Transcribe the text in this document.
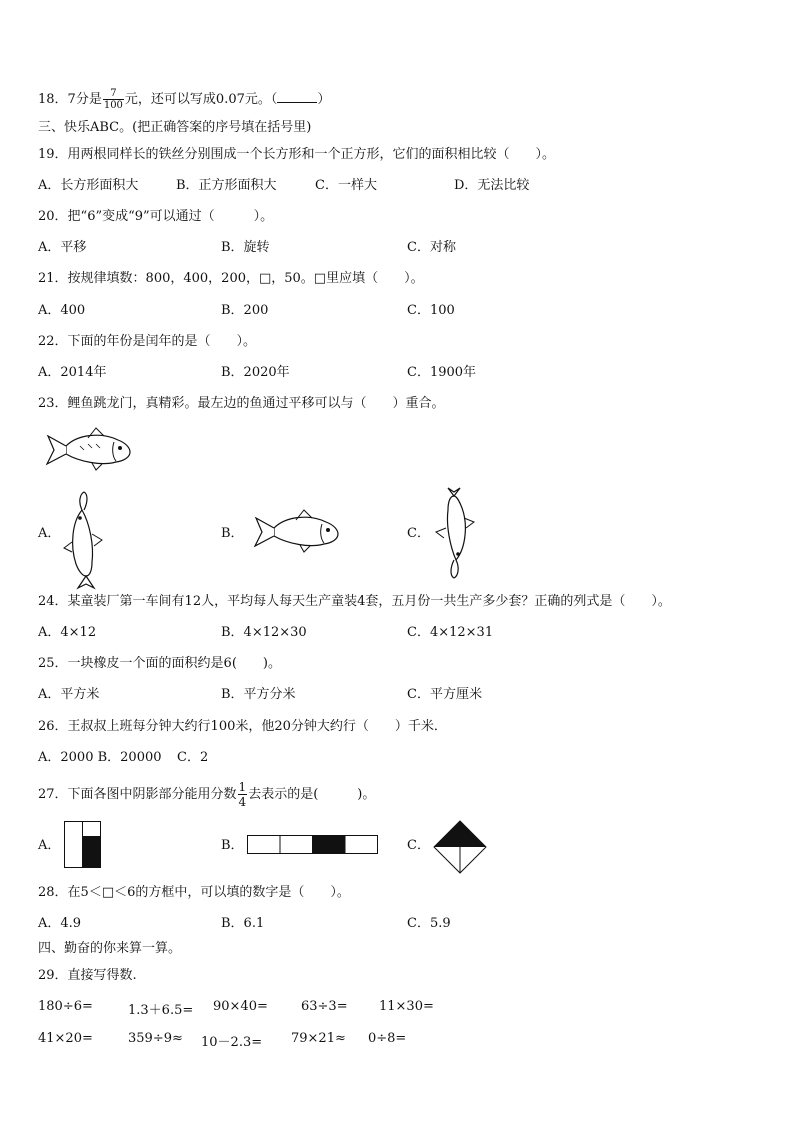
18．7分是 $\frac{7}{100}$ 元，还可以写成0.07元。（	）
三、快乐ABC。(把正确答案的序号填在括号里)
19．用两根同样长的铁丝分别围成一个长方形和一个正方形，它们的面积相比较（　　）。
A．长方形面积大	B．正方形面积大	C．一样大	D．无法比较
20．把“6”变成“9”可以通过（　　　）。
A．平移	B．旋转	C．对称
21．按规律填数：800，400，200，□，50。□里应填（　　）。
A．400	B．200	C．100
22．下面的年份是闰年的是（　　）。
A．2014年	B．2020年	C．1900年
23．鲤鱼跳龙门，真精彩。最左边的鱼通过平移可以与（　　）重合。
A．	B．	C．
24．某童装厂第一车间有12人，平均每人每天生产童装4套，五月份一共生产多少套？正确的列式是（　　）。
A．4×12	B．4×12×30	C．4×12×31
25．一块橡皮一个面的面积约是6(　　)。
A．平方米	B．平方分米	C．平方厘米
26．王叔叔上班每分钟大约行100米，他20分钟大约行（　　）千米．
A．2000 B．20000 C．2
27．下面各图中阴影部分能用分数 $\frac{1}{4}$ 去表示的是(　　　)。
A．	B．	C．
28．在5＜□＜6的方框中，可以填的数字是（　　）。
A．4.9	B．6.1	C．5.9
四、勤奋的你来算一算。
29．直接写得数.
180÷6=	1.3＋6.5= 90×40=	63÷3= 11×30=
41×20=	359÷9≈ 10－2.3= 79×21≈ 0÷8=
